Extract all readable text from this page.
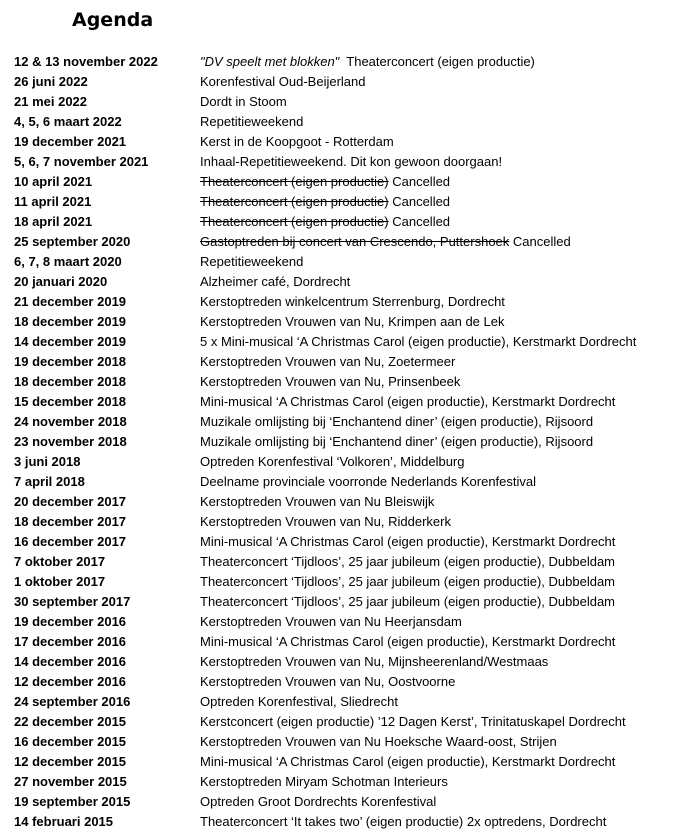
Agenda
12 & 13 november 2022	"DV speelt met blokken"  Theaterconcert (eigen productie)
26 juni 2022	Korenfestival Oud-Beijerland
21 mei 2022	Dordt in Stoom
4, 5, 6 maart 2022	Repetitieweekend
19 december 2021	Kerst in de Koopgoot - Rotterdam
5, 6, 7 november 2021	Inhaal-Repetitieweekend. Dit kon gewoon doorgaan!
10 april 2021	Theaterconcert (eigen productie) Cancelled
11 april 2021	Theaterconcert (eigen productie) Cancelled
18 april 2021	Theaterconcert (eigen productie) Cancelled
25 september 2020	Gastoptreden bij concert van Crescendo, Puttershoek Cancelled
6, 7, 8 maart 2020	Repetitieweekend
20 januari 2020	Alzheimer café, Dordrecht
21 december 2019	Kerstoptreden winkelcentrum Sterrenburg, Dordrecht
18 december 2019	Kerstoptreden Vrouwen van Nu, Krimpen aan de Lek
14 december 2019	5 x Mini-musical ‘A Christmas Carol (eigen productie), Kerstmarkt Dordrecht
19 december 2018	Kerstoptreden Vrouwen van Nu, Zoetermeer
18 december 2018	Kerstoptreden Vrouwen van Nu, Prinsenbeek
15 december 2018	Mini-musical ‘A Christmas Carol (eigen productie), Kerstmarkt Dordrecht
24 november 2018	Muzikale omlijsting bij ‘Enchantend diner’ (eigen productie), Rijsoord
23 november 2018	Muzikale omlijsting bij ‘Enchantend diner’ (eigen productie), Rijsoord
3 juni 2018	Optreden Korenfestival ‘Volkoren’, Middelburg
7 april 2018	Deelname provinciale voorronde Nederlands Korenfestival
20 december 2017	Kerstoptreden Vrouwen van Nu Bleiswijk
18 december 2017	Kerstoptreden Vrouwen van Nu, Ridderkerk
16 december 2017	Mini-musical ‘A Christmas Carol (eigen productie), Kerstmarkt Dordrecht
7 oktober 2017	Theaterconcert ‘Tijdloos’, 25 jaar jubileum (eigen productie), Dubbeldam
1 oktober 2017	Theaterconcert ‘Tijdloos’, 25 jaar jubileum (eigen productie), Dubbeldam
30 september 2017	Theaterconcert ‘Tijdloos’, 25 jaar jubileum (eigen productie), Dubbeldam
19 december 2016	Kerstoptreden Vrouwen van Nu Heerjansdam
17 december 2016	Mini-musical ‘A Christmas Carol (eigen productie), Kerstmarkt Dordrecht
14 december 2016	Kerstoptreden Vrouwen van Nu, Mijnsheerenland/Westmaas
12 december 2016	Kerstoptreden Vrouwen van Nu, Oostvoorne
24 september 2016	Optreden Korenfestival, Sliedrecht
22 december 2015	Kerstconcert (eigen productie) ’12 Dagen Kerst’, Trinitatuskapel Dordrecht
16 december 2015	Kerstoptreden Vrouwen van Nu Hoeksche Waard-oost, Strijen
12 december 2015	Mini-musical ‘A Christmas Carol (eigen productie), Kerstmarkt Dordrecht
27 november 2015	Kerstoptreden Miryam Schotman Interieurs
19 september 2015	Optreden Groot Dordrechts Korenfestival
14 februari 2015	Theaterconcert ‘It takes two’ (eigen productie) 2x optredens, Dordrecht
